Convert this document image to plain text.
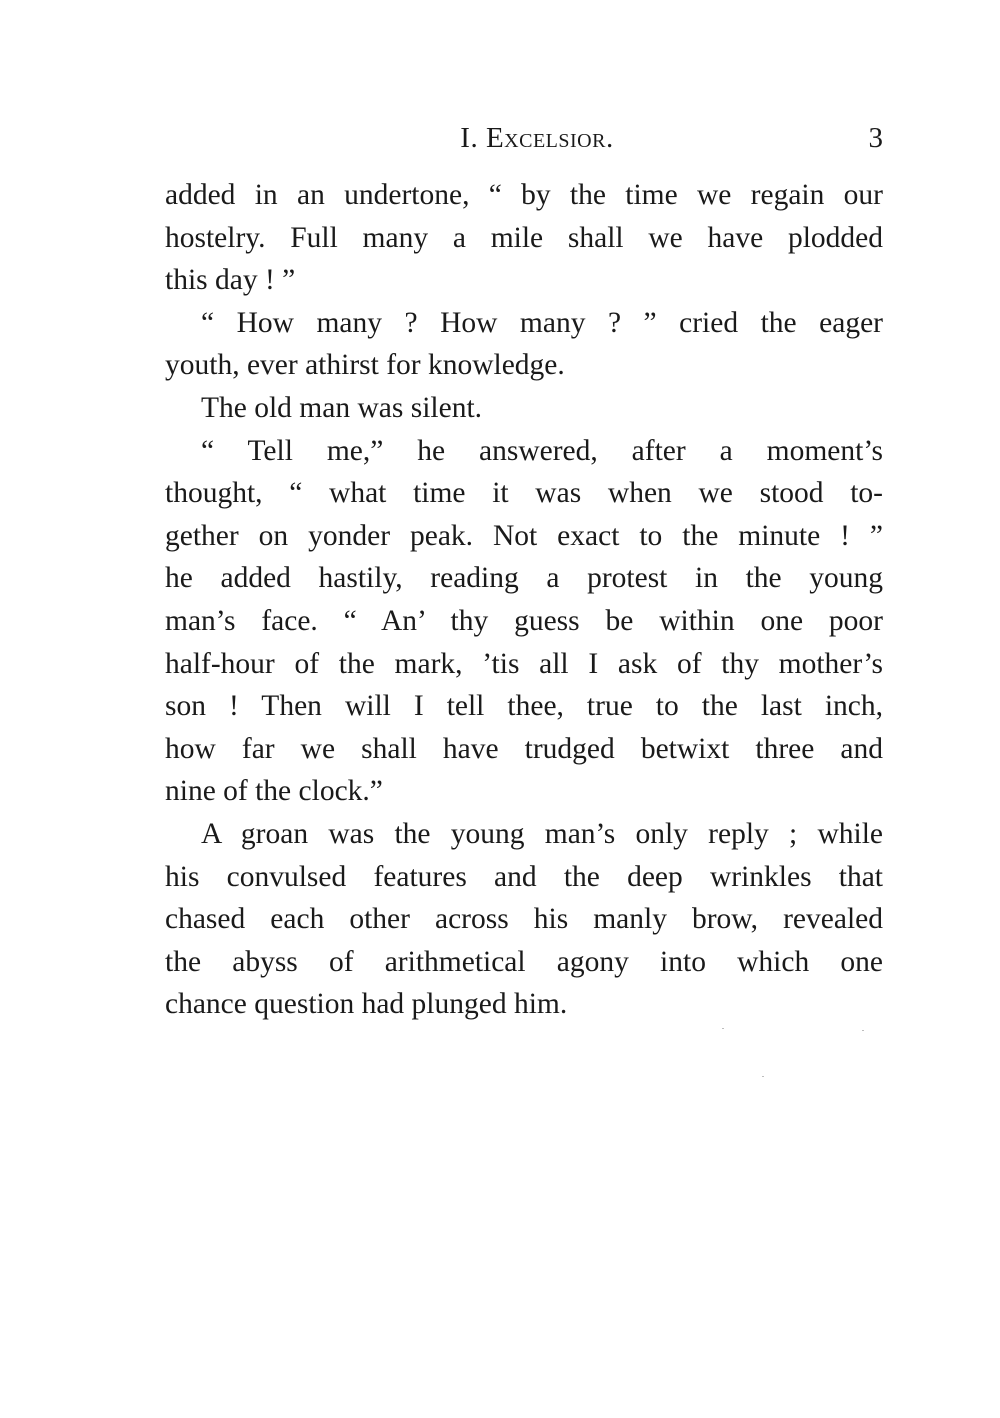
I. Excelsior.	3
added in an undertone, “ by the time we regain our
hostelry. Full many a mile shall we have plodded
this day ! ”
“ How many ? How many ? ” cried the eager
youth, ever athirst for knowledge.
The old man was silent.
“ Tell me,” he answered, after a moment’s
thought, “ what time it was when we stood to-
gether on yonder peak. Not exact to the minute ! ”
he added hastily, reading a protest in the young
man’s face. “ An’ thy guess be within one poor
half-hour of the mark, ’tis all I ask of thy mother’s
son ! Then will I tell thee, true to the last inch,
how far we shall have trudged betwixt three and
nine of the clock.”
A groan was the young man’s only reply ; while
his convulsed features and the deep wrinkles that
chased each other across his manly brow, revealed
the abyss of arithmetical agony into which one
chance question had plunged him.
